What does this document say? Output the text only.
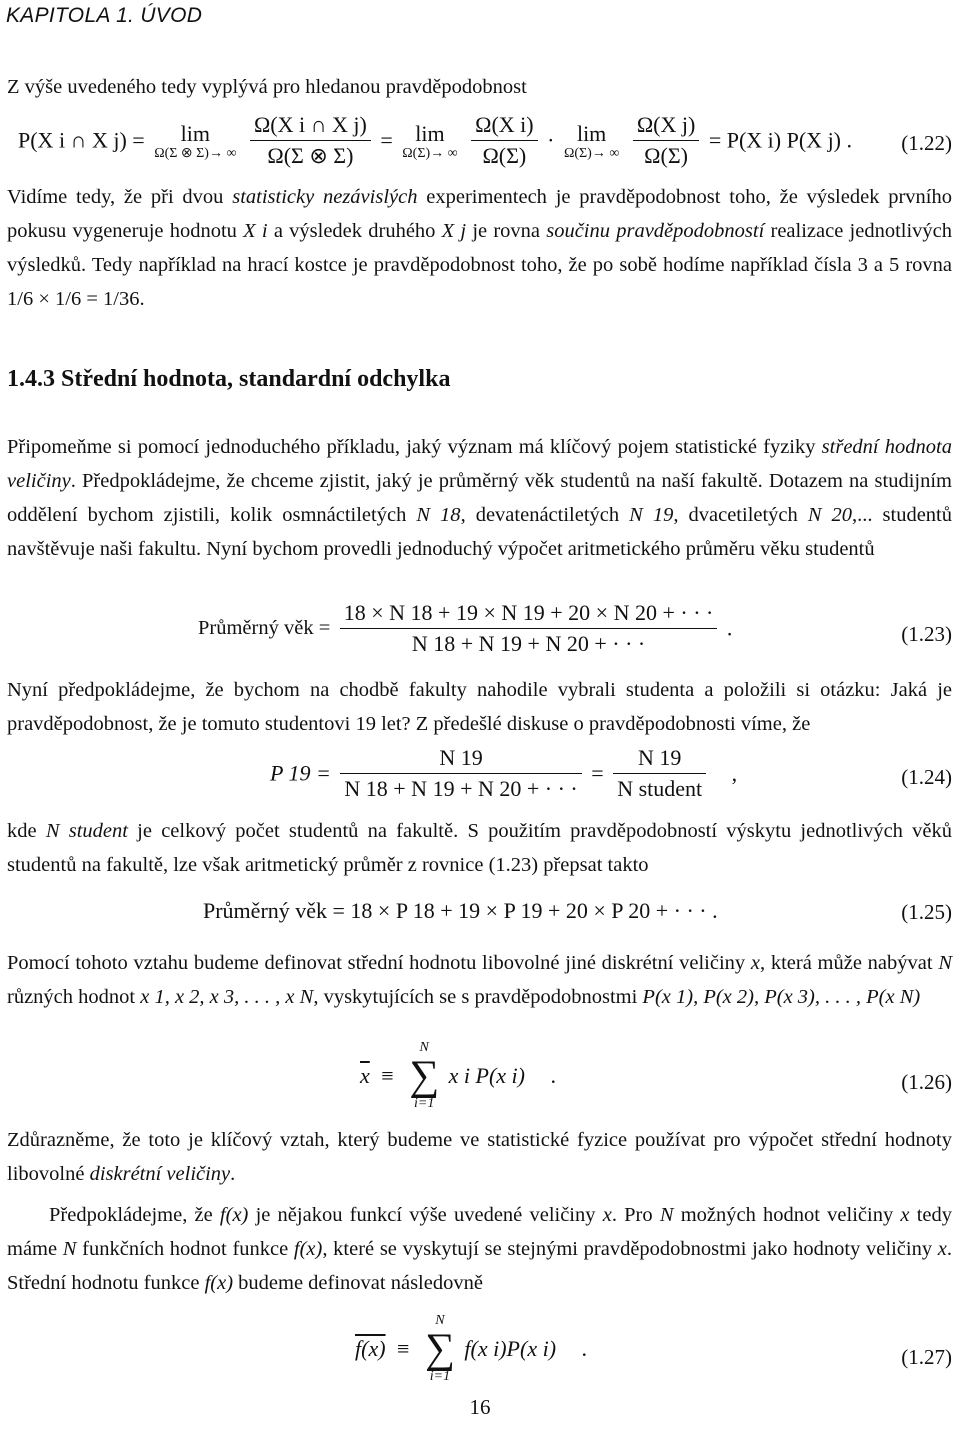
KAPITOLA 1. ÚVOD
Z výše uvedeného tedy vyplývá pro hledanou pravděpodobnost
P(X i ∩ X j) =	lim
Ω(Σ ⊗ Σ)→ ∞
$\frac{\text{Ω(X i ∩ X j)}}{\Omega(\Sigma \otimes \Sigma)}$ =	lim
Ω(Σ)→ ∞
$\frac{\text{Ω(X i)}}{\Omega(\Sigma)}$ ·	lim
Ω(Σ)→ ∞
$\frac{\text{Ω(X j)}}{\Omega(\Sigma)} = P(X$ i) P(X j) . (1.22)
Vidíme tedy, že při dvou statisticky nezávislých experimentech je pravděpodobnost toho, že výsledek prvního pokusu vygeneruje hodnotu X i a výsledek druhého X j je rovna součinu pravděpodobností realizace jednotlivých výsledků. Tedy například na hrací kostce je pravděpodobnost toho, že po sobě hodíme například čísla 3 a 5 rovna 1/6 × 1/6 = 1/36.
1.4.3 Střední hodnota, standardní odchylka
Připomeňme si pomocí jednoduchého příkladu, jaký význam má klíčový pojem statistické fyziky střední hodnota veličiny. Předpokládejme, že chceme zjistit, jaký je průměrný věk studentů na naší fakultě. Dotazem na studijním oddělení bychom zjistili, kolik osmnáctiletých N 18, devatenáctiletých N 19, dvacetiletých N 20,... studentů navštěvuje naši fakultu. Nyní bychom provedli jednoduchý výpočet aritmetického průměru věku studentů
Průměrný věk = $\frac{18 \times N 18 + 19 \times N 19 + 20 \times N 20 + \cdot \cdot \cdot}{N 18 + N 19 + N 20 + \cdot \cdot \cdot}$ .	(1.23)
Nyní předpokládejme, že bychom na chodbě fakulty nahodile vybrali studenta a položili si otázku: Jaká je pravděpodobnost, že je tomuto studentovi 19 let? Z předešlé diskuse o pravděpodobnosti víme, že
P $19 = \frac{N 19}{N 18 + N 19 + N 20 + \cdot \cdot \cdot} = \frac{N 19}{\text{N student}}$ ,	(1.24)
kde N student je celkový počet studentů na fakultě. S použitím pravděpodobností výskytu jednotlivých věků studentů na fakultě, lze však aritmetický průměr z rovnice (1.23) přepsat takto
Průměrný věk = 18 × P 18 + 19 × P 19 + 20 × P 20 + · · · .	(1.25)
Pomocí tohoto vztahu budeme definovat střední hodnotu libovolné jiné diskrétní veličiny x, která může nabývat N různých hodnot x 1, x 2, x 3, . . . , x N, vyskytujících se s pravděpodobnostmi P(x 1), P(x 2), P(x 3), . . . , P(x N)
$\overline{x} \equiv N$
∑
i=1 x i P(x i) .	(1.26)
Zdůrazněme, že toto je klíčový vztah, který budeme ve statistické fyzice používat pro výpočet střední hodnoty libovolné diskrétní veličiny.
Předpokládejme, že f(x) je nějakou funkcí výše uvedené veličiny x. Pro N možných hodnot veličiny x tedy máme N funkčních hodnot funkce f(x), které se vyskytují se stejnými pravděpodobnostmi jako hodnoty veličiny x. Střední hodnotu funkce f(x) budeme definovat následovně
f(x) ≡ N
∑
i=1 f(x i)P(x i) .	(1.27)
16
